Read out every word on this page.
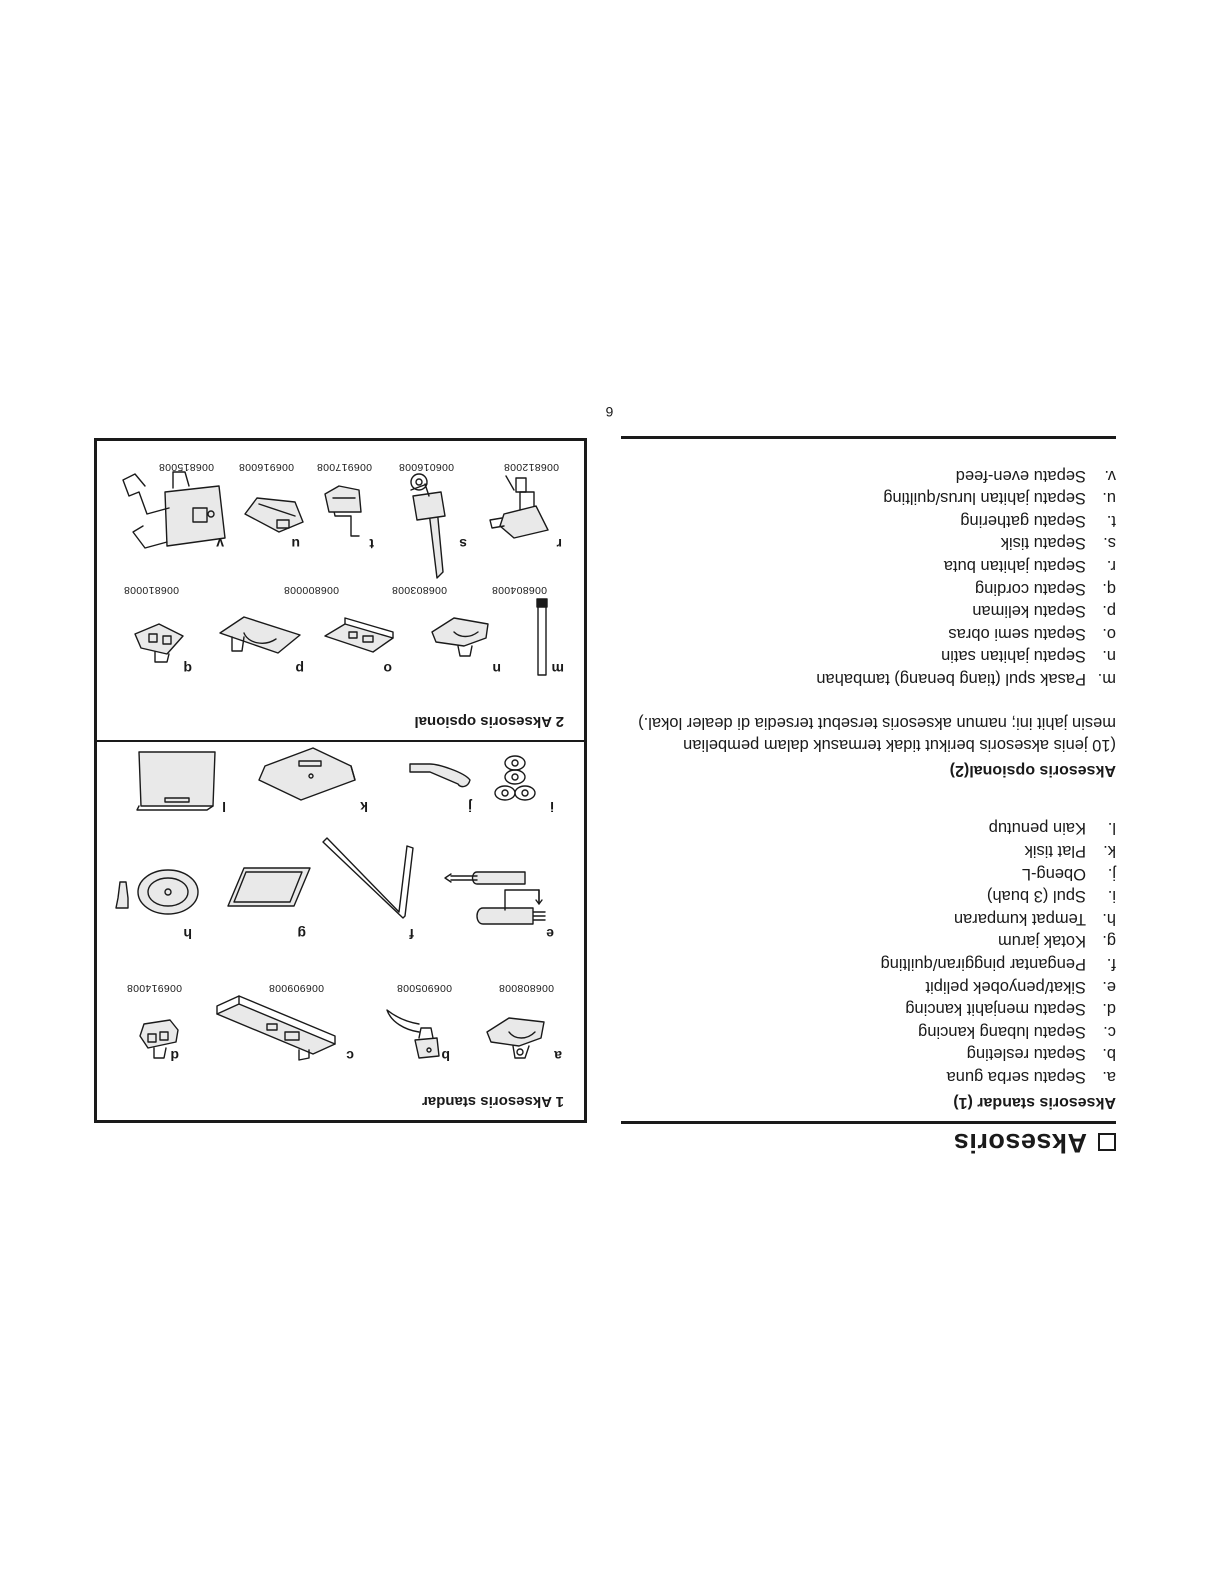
Aksesoris
Aksesoris standar (1)
a.Sepatu serba guna
b.Sepatu resleting
c.Sepatu lubang kancing
d.Sepatu menjahit kancing
e.Sikat/penyobek pelipit
f.Pengantar pinggiran/quilting
g.Kotak jarum
h.Tempat kumparan
i.Spul (3 buah)
j.Obeng-L
k.Plat tisik
l.Kain penutup
Aksesoris opsional(2)
(10 jenis aksesoris berikut tidak termasuk dalam pembelian mesin jahit ini; namun aksesoris tersebut tersedia di dealer lokal.)
m.Pasak spul (tiang benang) tambahan
n.Sepatu jahitan satin
o.Sepatu semi obras
p.Sepatu keliman
q.Sepatu cording
r.Sepatu jahitan buta
s.Sepatu tisik
t.Sepatu gathering
u.Sepatu jahitan lurus/quilting
v.Sepatu even-feed
6
1 Aksesoris standar
a
b
c
d
006808008
006905008
006909008
006914008
e
f
g
h
i
j
k
l
2 Aksesoris opsional
m
n
o
p
q
006804008
006803008
006800008
006810008
r
s
t
u
v
006812008
006016008
006917008
006916008
006815008
